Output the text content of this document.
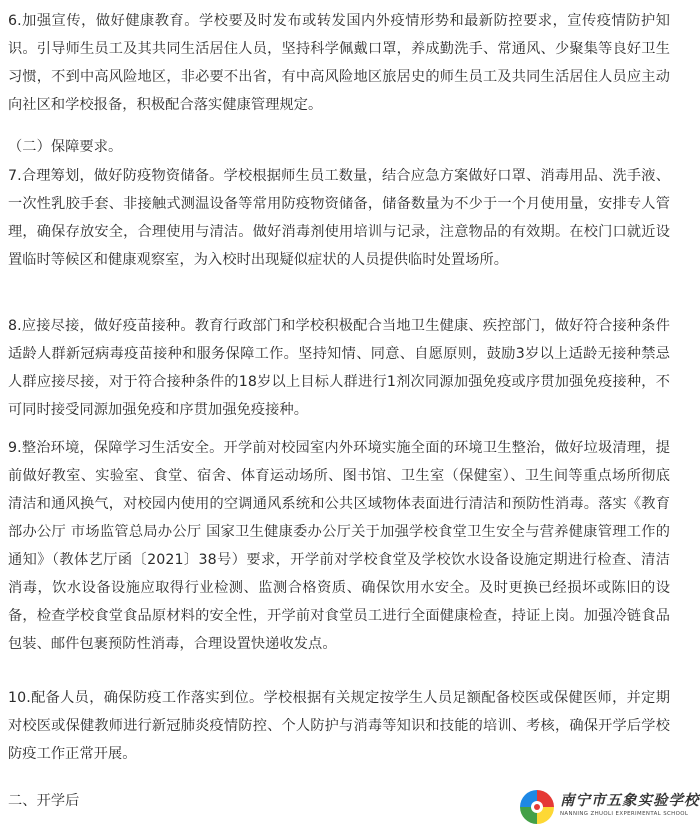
6.加强宣传，做好健康教育。学校要及时发布或转发国内外疫情形势和最新防控要求，宣传疫情防护知识。引导师生员工及其共同生活居住人员，坚持科学佩戴口罩，养成勤洗手、常通风、少聚集等良好卫生习惯，不到中高风险地区，非必要不出省，有中高风险地区旅居史的师生员工及共同生活居住人员应主动向社区和学校报备，积极配合落实健康管理规定。

（二）保障要求。

7.合理筹划，做好防疫物资储备。学校根据师生员工数量，结合应急方案做好口罩、消毒用品、洗手液、一次性乳胶手套、非接触式测温设备等常用防疫物资储备，储备数量为不少于一个月使用量，安排专人管理，确保存放安全，合理使用与清洁。做好消毒剂使用培训与记录，注意物品的有效期。在校门口就近设置临时等候区和健康观察室，为入校时出现疑似症状的人员提供临时处置场所。

8.应接尽接，做好疫苗接种。教育行政部门和学校积极配合当地卫生健康、疾控部门，做好符合接种条件适龄人群新冠病毒疫苗接种和服务保障工作。坚持知情、同意、自愿原则，鼓励3岁以上适龄无接种禁忌人群应接尽接，对于符合接种条件的18岁以上目标人群进行1剂次同源加强免疫或序贯加强免疫接种，不可同时接受同源加强免疫和序贯加强免疫接种。

9.整治环境，保障学习生活安全。开学前对校园室内外环境实施全面的环境卫生整治，做好垃圾清理，提前做好教室、实验室、食堂、宿舍、体育运动场所、图书馆、卫生室（保健室）、卫生间等重点场所彻底清洁和通风换气，对校园内使用的空调通风系统和公共区域物体表面进行清洁和预防性消毒。落实《教育部办公厅 市场监管总局办公厅 国家卫生健康委办公厅关于加强学校食堂卫生安全与营养健康管理工作的通知》（教体艺厅函〔2021〕38号）要求，开学前对学校食堂及学校饮水设备设施定期进行检查、清洁消毒，饮水设备设施应取得行业检测、监测合格资质、确保饮用水安全。及时更换已经损坏或陈旧的设备，检查学校食堂食品原材料的安全性，开学前对食堂员工进行全面健康检查，持证上岗。加强冷链食品包装、邮件包裹预防性消毒，合理设置快递收发点。

10.配备人员，确保防疫工作落实到位。学校根据有关规定按学生人员足额配备校医或保健医师，并定期对校医或保健教师进行新冠肺炎疫情防控、个人防护与消毒等知识和技能的培训、考核，确保开学后学校防疫工作正常开展。

二、开学后	南宁市五象实验学校
NANNING ZHUOLI EXPERIMENTAL SCHOOL
